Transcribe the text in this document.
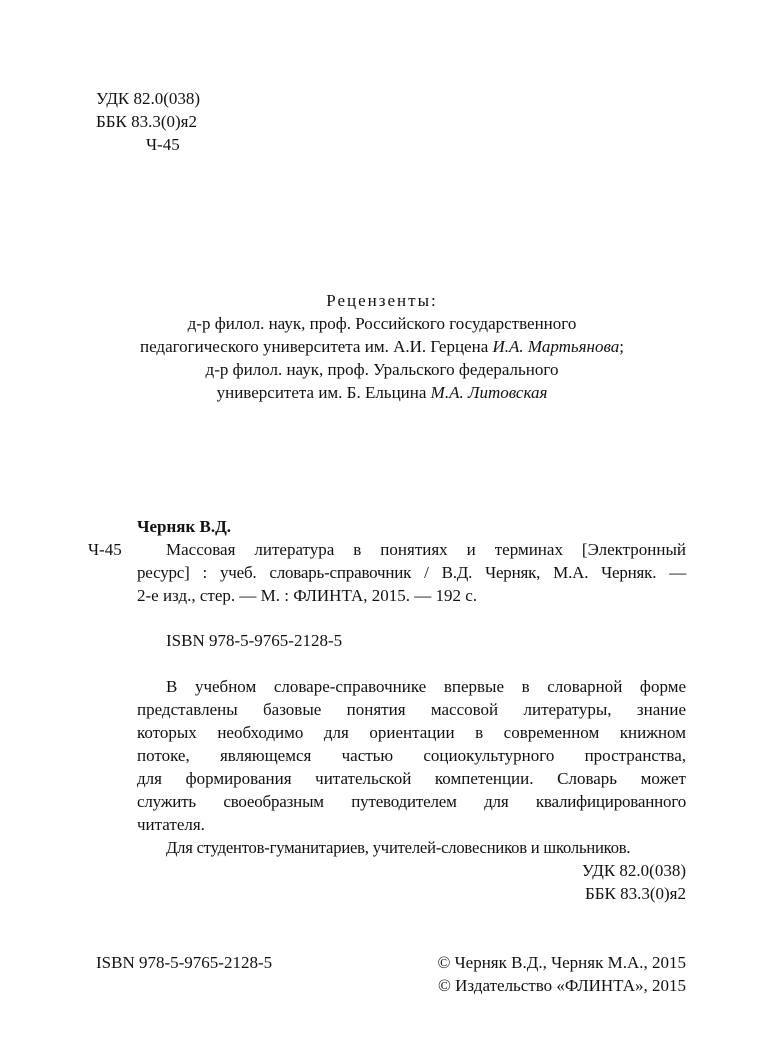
УДК 82.0(038)
ББК 83.3(0)я2
Ч-45
Рецензенты:
д-р филол. наук, проф. Российского государственного
педагогического университета им. А.И. Герцена И.А. Мартьянова;
д-р филол. наук, проф. Уральского федерального
университета им. Б. Ельцина М.А. Литовская
Черняк В.Д.
Ч-45	Массовая литература в понятиях и терминах [Электронный
ресурс] : учеб. словарь-справочник / В.Д. Черняк, М.А. Черняк. —
2-е изд., стер. — М. : ФЛИНТА, 2015. — 192 с.
ISBN 978-5-9765-2128-5
В учебном словаре-справочнике впервые в словарной форме
представлены базовые понятия массовой литературы, знание
которых необходимо для ориентации в современном книжном
потоке, являющемся частью социокультурного пространства,
для формирования читательской компетенции. Словарь может
служить своеобразным путеводителем для квалифицированного
читателя.
Для студентов-гуманитариев, учителей-словесников и школьников.
УДК 82.0(038)
ББК 83.3(0)я2
ISBN 978-5-9765-2128-5	© Черняк В.Д., Черняк М.А., 2015
© Издательство «ФЛИНТА», 2015
